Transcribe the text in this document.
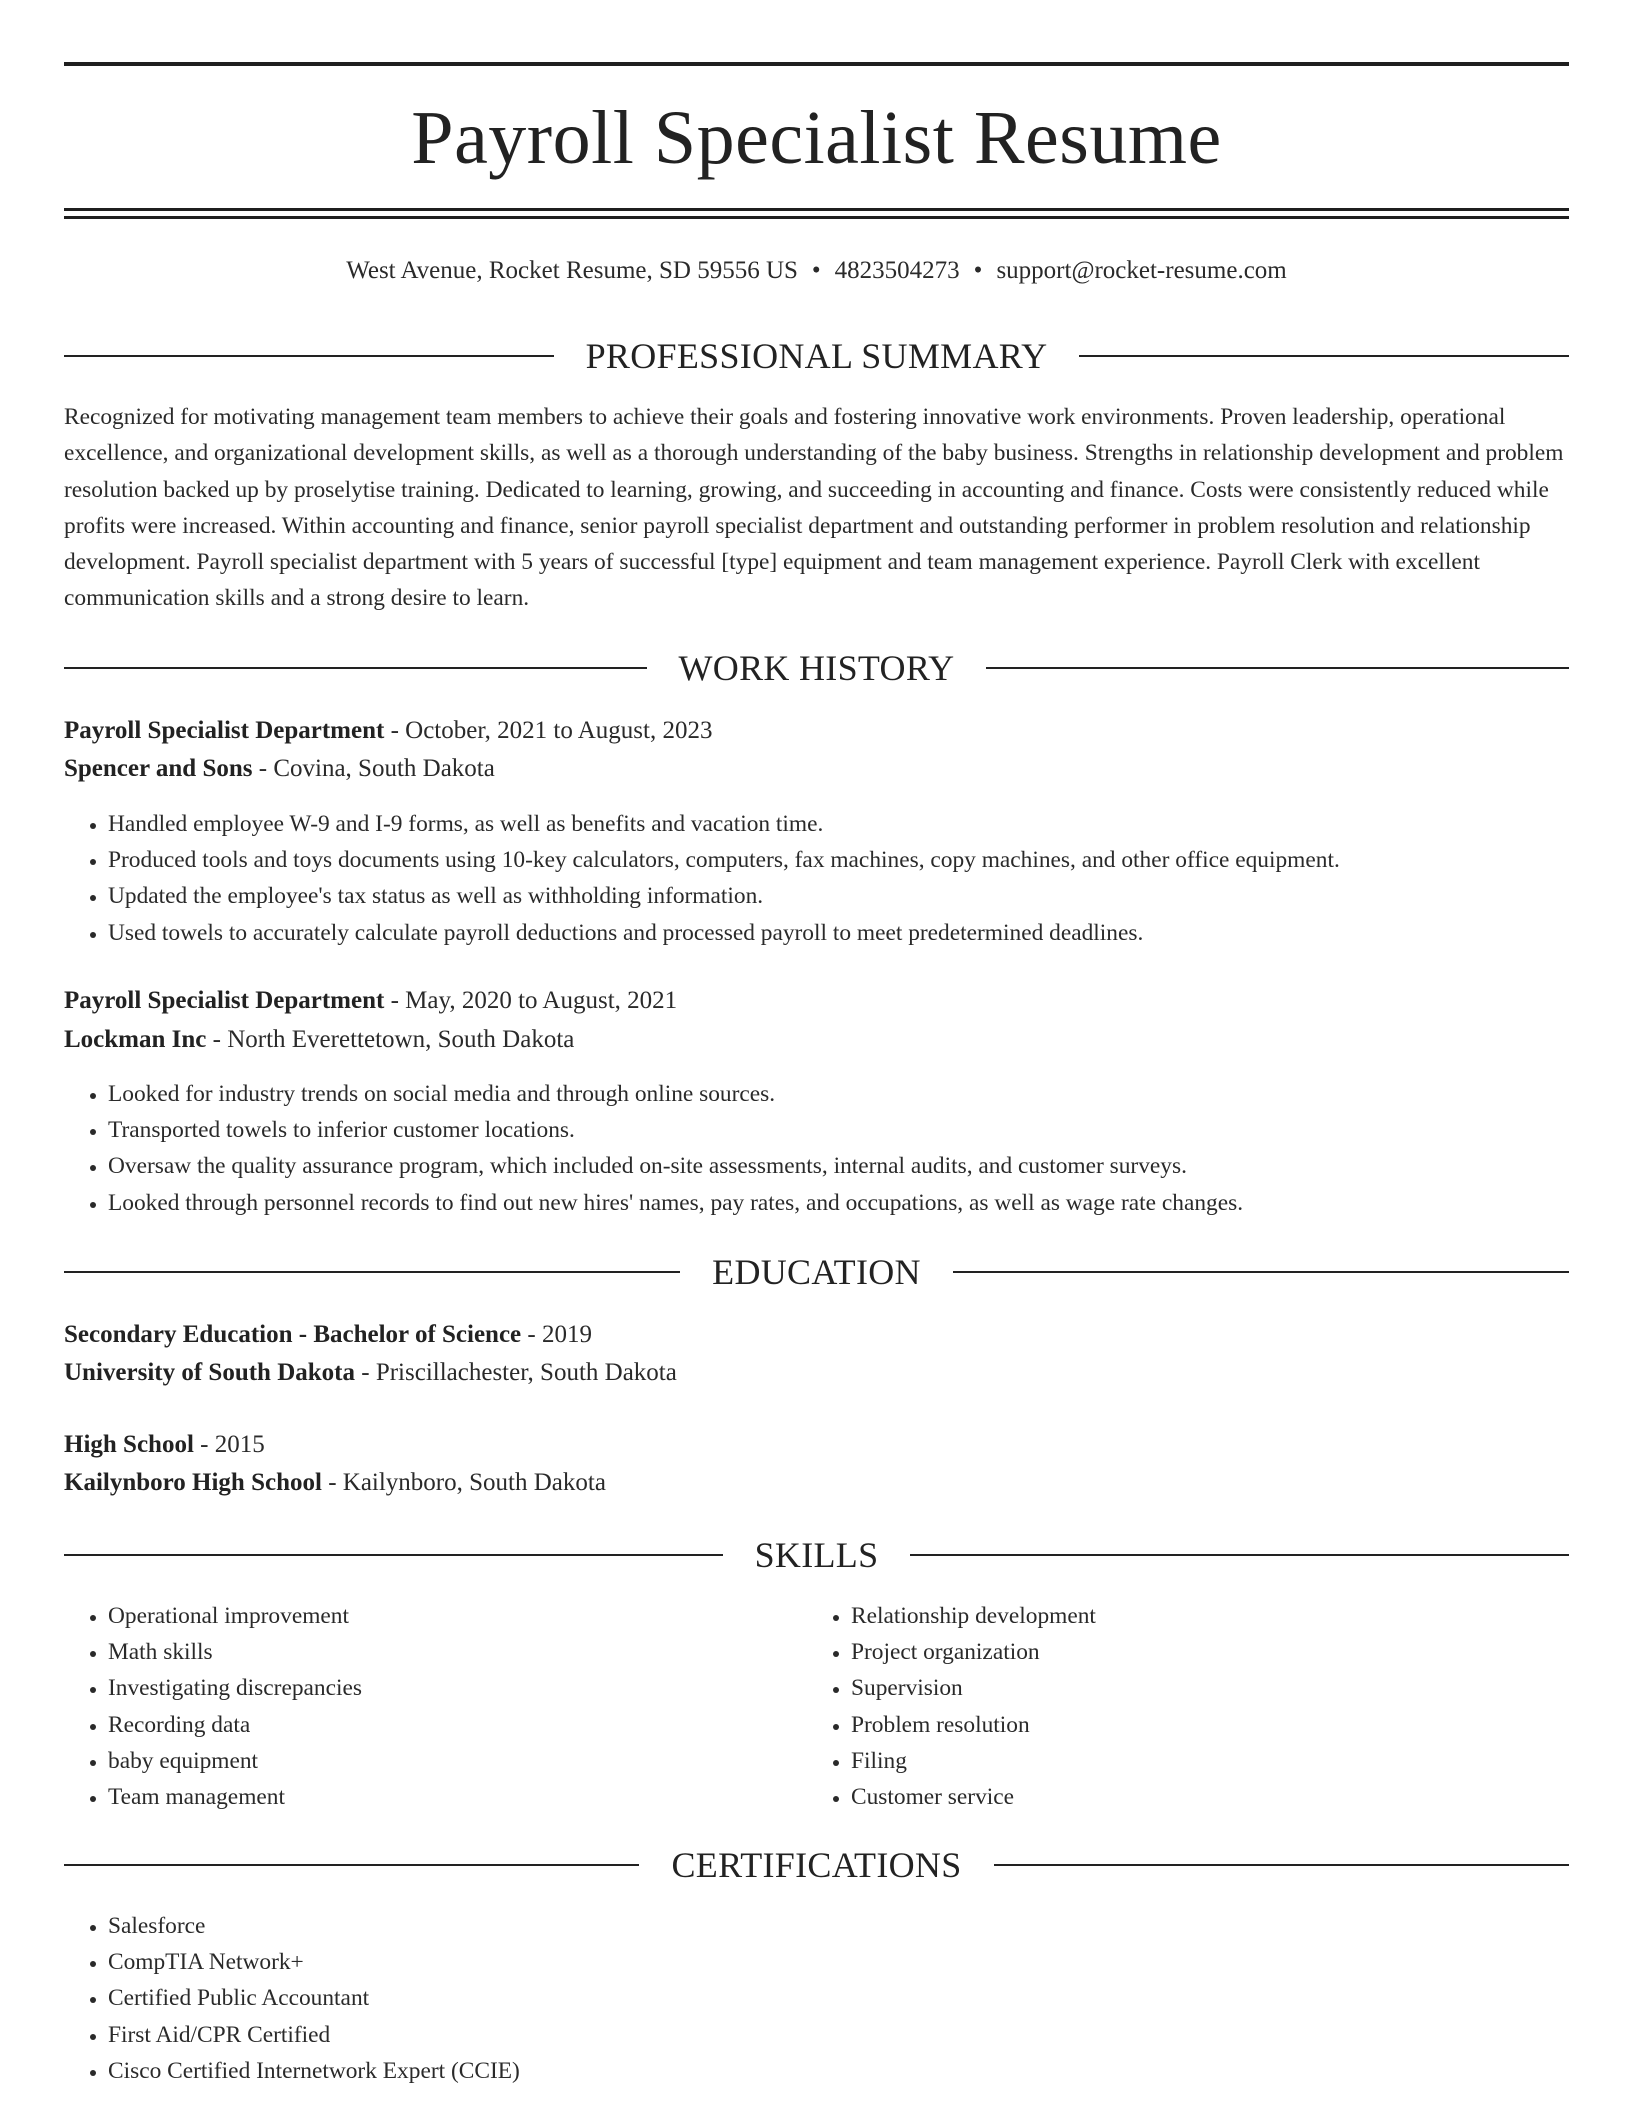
Payroll Specialist Resume
West Avenue, Rocket Resume, SD 59556 US • 4823504273 • support@rocket-resume.com
PROFESSIONAL SUMMARY

Recognized for motivating management team members to achieve their goals and fostering innovative work environments. Proven leadership, operational excellence, and organizational development skills, as well as a thorough understanding of the baby business. Strengths in relationship development and problem resolution backed up by proselytise training. Dedicated to learning, growing, and succeeding in accounting and finance. Costs were consistently reduced while profits were increased. Within accounting and finance, senior payroll specialist department and outstanding performer in problem resolution and relationship development. Payroll specialist department with 5 years of successful [type] equipment and team management experience. Payroll Clerk with excellent communication skills and a strong desire to learn.

WORK HISTORY
Payroll Specialist Department - October, 2021 to August, 2023
Spencer and Sons - Covina, South Dakota
• Handled employee W-9 and I-9 forms, as well as benefits and vacation time.
• Produced tools and toys documents using 10-key calculators, computers, fax machines, copy machines, and other office equipment.
• Updated the employee's tax status as well as withholding information.
• Used towels to accurately calculate payroll deductions and processed payroll to meet predetermined deadlines.
Payroll Specialist Department - May, 2020 to August, 2021
Lockman Inc - North Everettetown, South Dakota
• Looked for industry trends on social media and through online sources.
• Transported towels to inferior customer locations.
• Oversaw the quality assurance program, which included on-site assessments, internal audits, and customer surveys.
• Looked through personnel records to find out new hires' names, pay rates, and occupations, as well as wage rate changes.
EDUCATION
Secondary Education - Bachelor of Science - 2019
University of South Dakota - Priscillachester, South Dakota
High School - 2015
Kailynboro High School - Kailynboro, South Dakota
SKILLS
• Operational improvement
• Math skills
• Investigating discrepancies
• Recording data
• baby equipment
• Team management
• Relationship development
• Project organization
• Supervision
• Problem resolution
• Filing
• Customer service
CERTIFICATIONS
• Salesforce
• CompTIA Network+
• Certified Public Accountant
• First Aid/CPR Certified
• Cisco Certified Internetwork Expert (CCIE)
